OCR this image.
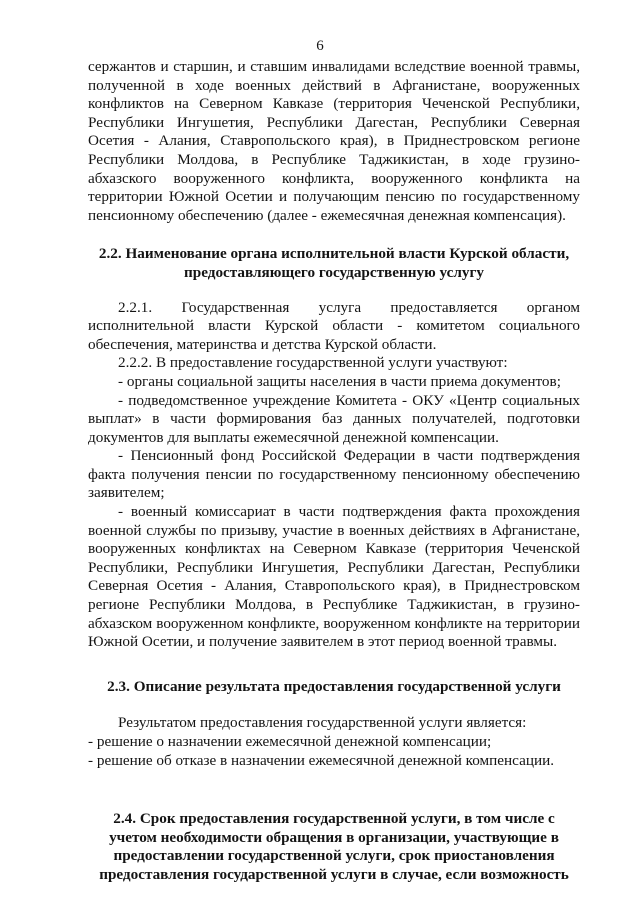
6

сержантов и старшин, и ставшим инвалидами вследствие военной травмы, полученной в ходе военных действий в Афганистане, вооруженных конфликтов на Северном Кавказе (территория Чеченской Республики, Республики Ингушетия, Республики Дагестан, Республики Северная Осетия - Алания, Ставропольского края), в Приднестровском регионе Республики Молдова, в Республике Таджикистан, в ходе грузино-абхазского вооруженного конфликта, вооруженного конфликта на территории Южной Осетии и получающим пенсию по государственному пенсионному обеспечению (далее - ежемесячная денежная компенсация).

2.2. Наименование органа исполнительной власти Курской области, предоставляющего государственную услугу

2.2.1. Государственная услуга предоставляется органом исполнительной власти Курской области - комитетом социального обеспечения, материнства и детства Курской области.

2.2.2. В предоставление государственной услуги участвуют:

- органы социальной защиты населения в части приема документов;

- подведомственное учреждение Комитета - ОКУ «Центр социальных выплат» в части формирования баз данных получателей, подготовки документов для выплаты ежемесячной денежной компенсации.

- Пенсионный фонд Российской Федерации в части подтверждения факта получения пенсии по государственному пенсионному обеспечению заявителем;

- военный комиссариат в части подтверждения факта прохождения военной службы по призыву, участие в военных действиях в Афганистане, вооруженных конфликтах на Северном Кавказе (территория Чеченской Республики, Республики Ингушетия, Республики Дагестан, Республики Северная Осетия - Алания, Ставропольского края), в Приднестровском регионе Республики Молдова, в Республике Таджикистан, в грузино-абхазском вооруженном конфликте, вооруженном конфликте на территории Южной Осетии, и получение заявителем в этот период военной травмы.

2.3. Описание результата предоставления государственной услуги

Результатом предоставления государственной услуги является:

- решение о назначении ежемесячной денежной компенсации;

- решение об отказе в назначении ежемесячной денежной компенсации.

2.4. Срок предоставления государственной услуги, в том числе с учетом необходимости обращения в организации, участвующие в предоставлении государственной услуги, срок приостановления предоставления государственной услуги в случае, если возможность
